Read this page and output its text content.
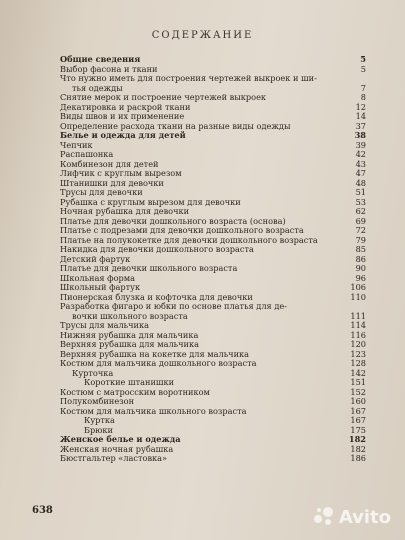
СОДЕРЖАНИЕ
Общие сведения	5
Выбор фасона и ткани	5
Что нужно иметь для построения чертежей выкроек и ши-
тья одежды	7
Снятие мерок и построение чертежей выкроек	8
Декатировка и раскрой ткани	12
Виды швов и их применение	14
Определение расхода ткани на разные виды одежды	37
Белье и одежда для детей	38
Чепчик	39
Распашонка	42
Комбинезон для детей	43
Лифчик с круглым вырезом	47
Штанишки для девочки	48
Трусы для девочки	51
Рубашка с круглым вырезом для девочки	53
Ночная рубашка для девочки	62
Платье для девочки дошкольного возраста (основа)	69
Платье с подрезами для девочки дошкольного возраста	72
Платье на полукокетке для девочки дошкольного возраста	79
Накидка для девочки дошкольного возраста	85
Детский фартук	86
Платье для девочки школьного возраста	90
Школьная форма	96
Школьный фартук	106
Пионерская блузка и кофточка для девочки	110
Разработка фигаро и юбки по основе платья для де-
вочки школьного возраста	111
Трусы для мальчика	114
Нижняя рубашка для мальчика	116
Верхняя рубашка для мальчика	120
Верхняя рубашка на кокетке для мальчика	123
Костюм для мальчика дошкольного возраста	128
Курточка	142
Короткие штанишки	151
Костюм с матросским воротником	152
Полукомбинезон	160
Костюм для мальчика школьного возраста	167
Куртка	167
Брюки	175
Женское белье и одежда	182
Женская ночная рубашка	182
Бюстгальтер «ластовка»	186
638	Avito
